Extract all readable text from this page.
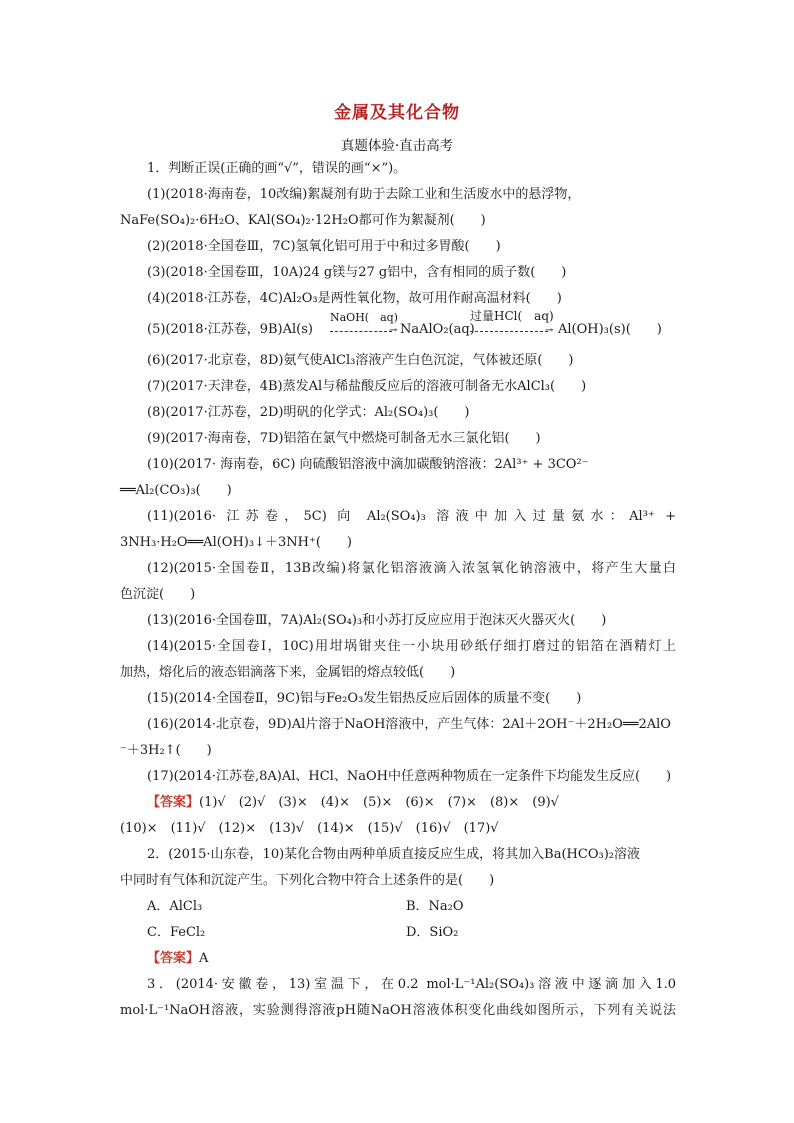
金属及其化合物
真题体验·直击高考
1．判断正误(正确的画“√”，错误的画“×”)。
(1)(2018·海南卷，10改编)絮凝剂有助于去除工业和生活废水中的悬浮物，
NaFe(SO₄)₂·6H₂O、KAl(SO₄)₂·12H₂O都可作为絮凝剂(　　)
(2)(2018·全国卷Ⅲ，7C)氢氧化铝可用于中和过多胃酸(　　)
(3)(2018·全国卷Ⅲ，10A)24 g镁与27 g铝中，含有相同的质子数(　　)
(4)(2018·江苏卷，4C)Al₂O₃是两性氧化物，故可用作耐高温材料(　　)
(5)(2018·江苏卷，9B)Al(s)
NaOH(　aq)
→ NaAlO₂(aq)
过量HCl(　aq)
→ Al(OH)₃(s)(　　)
(6)(2017·北京卷，8D)氨气使AlCl₃溶液产生白色沉淀，气体被还原(　　)
(7)(2017·天津卷，4B)蒸发Al与稀盐酸反应后的溶液可制备无水AlCl₃(　　)
(8)(2017·江苏卷，2D)明矾的化学式：Al₂(SO₄)₃(　　)
(9)(2017·海南卷，7D)铝箔在氯气中燃烧可制备无水三氯化铝(　　)
(10)(2017· 海南卷，6C) 向硫酸铝溶液中滴加碳酸钠溶液：2Al³⁺ + 3CO²⁻
══Al₂(CO₃)₃(　　)
(11)(2016· 江苏卷，5C) 向 Al₂(SO₄)₃ 溶液中加入过量氨水：Al³⁺ +
3NH₃·H₂O══Al(OH)₃↓＋3NH⁺(　　)
(12)(2015·全国卷Ⅱ，13B改编)将氯化铝溶液滴入浓氢氧化钠溶液中，将产生大量白
色沉淀(　　)
(13)(2016·全国卷Ⅲ，7A)Al₂(SO₄)₃和小苏打反应应用于泡沫灭火器灭火(　　)
(14)(2015·全国卷Ⅰ，10C)用坩埚钳夹住一小块用砂纸仔细打磨过的铝箔在酒精灯上
加热，熔化后的液态铝滴落下来，金属铝的熔点较低(　　)
(15)(2014·全国卷Ⅱ，9C)铝与Fe₂O₃发生铝热反应后固体的质量不变(　　)
(16)(2014·北京卷，9D)Al片溶于NaOH溶液中，产生气体：2Al＋2OH⁻＋2H₂O══2AlO
⁻＋3H₂↑(　　)
(17)(2014·江苏卷,8A)Al、HCl、NaOH中任意两种物质在一定条件下均能发生反应(　　)
【答案】(1)√　(2)√　(3)×　(4)×　(5)×　(6)×　(7)×　(8)×　(9)√
(10)×　(11)√　(12)×　(13)√　(14)×　(15)√　(16)√　(17)√
2．(2015·山东卷，10)某化合物由两种单质直接反应生成，将其加入Ba(HCO₃)₂溶液
中同时有气体和沉淀产生。下列化合物中符合上述条件的是(　　)
A．AlCl₃	B．Na₂O
C．FeCl₂	D．SiO₂
【答案】A
3．(2014·安徽卷，13)室温下，在0.2 mol·L⁻¹Al₂(SO₄)₃溶液中逐滴加入1.0
mol·L⁻¹NaOH溶液，实验测得溶液pH随NaOH溶液体积变化曲线如图所示，下列有关说法
